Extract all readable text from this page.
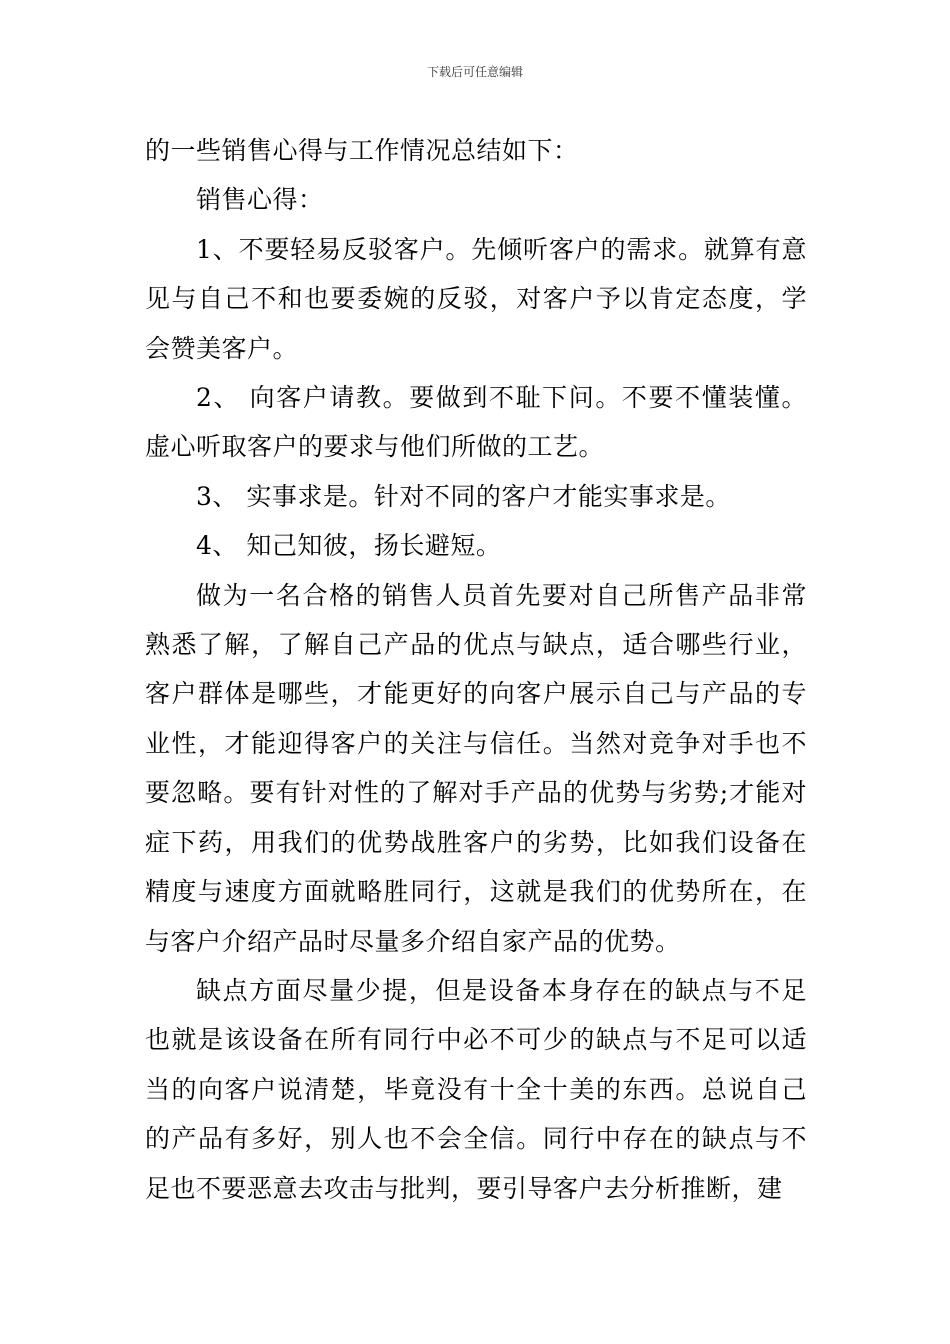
下载后可任意编辑

的一些销售心得与工作情况总结如下：

销售心得：

1、不要轻易反驳客户。先倾听客户的需求。就算有意见与自己不和也要委婉的反驳，对客户予以肯定态度，学会赞美客户。

2、 向客户请教。要做到不耻下问。不要不懂装懂。虚心听取客户的要求与他们所做的工艺。

3、 实事求是。针对不同的客户才能实事求是。

4、 知己知彼，扬长避短。

做为一名合格的销售人员首先要对自己所售产品非常熟悉了解，了解自己产品的优点与缺点，适合哪些行业，客户群体是哪些，才能更好的向客户展示自己与产品的专业性，才能迎得客户的关注与信任。当然对竞争对手也不要忽略。要有针对性的了解对手产品的优势与劣势;才能对症下药，用我们的优势战胜客户的劣势，比如我们设备在精度与速度方面就略胜同行，这就是我们的优势所在，在与客户介绍产品时尽量多介绍自家产品的优势。

缺点方面尽量少提，但是设备本身存在的缺点与不足也就是该设备在所有同行中必不可少的缺点与不足可以适当的向客户说清楚，毕竟没有十全十美的东西。总说自己的产品有多好，别人也不会全信。同行中存在的缺点与不足也不要恶意去攻击与批判，要引导客户去分析推断，建
